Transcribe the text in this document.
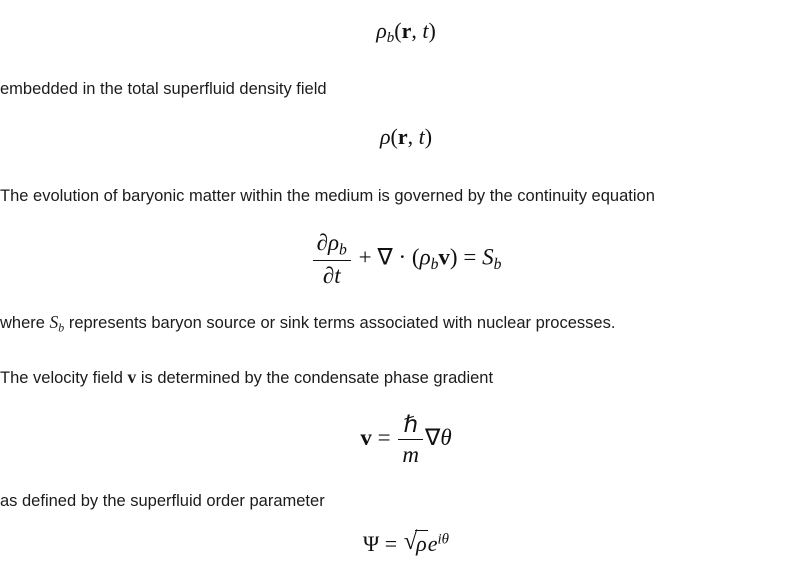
$\rho_b(r$, t)

embedded in the total superfluid density field

ρ(r, t)

The evolution of baryonic matter within the medium is governed by the continuity equation

$\frac{\partial\rho_b}{\partial t}$ + ∇ · $(\rho_bv) = S_b$

where $S_b$ represents baryon source or sink terms associated with nuclear processes.

The velocity field v is determined by the condensate phase gradient

$v = \frac{\text{ℏ}}{m} \nabla\theta$

as defined by the superfluid order parameter

Ψ = √ $\rho e^{i\theta}$
